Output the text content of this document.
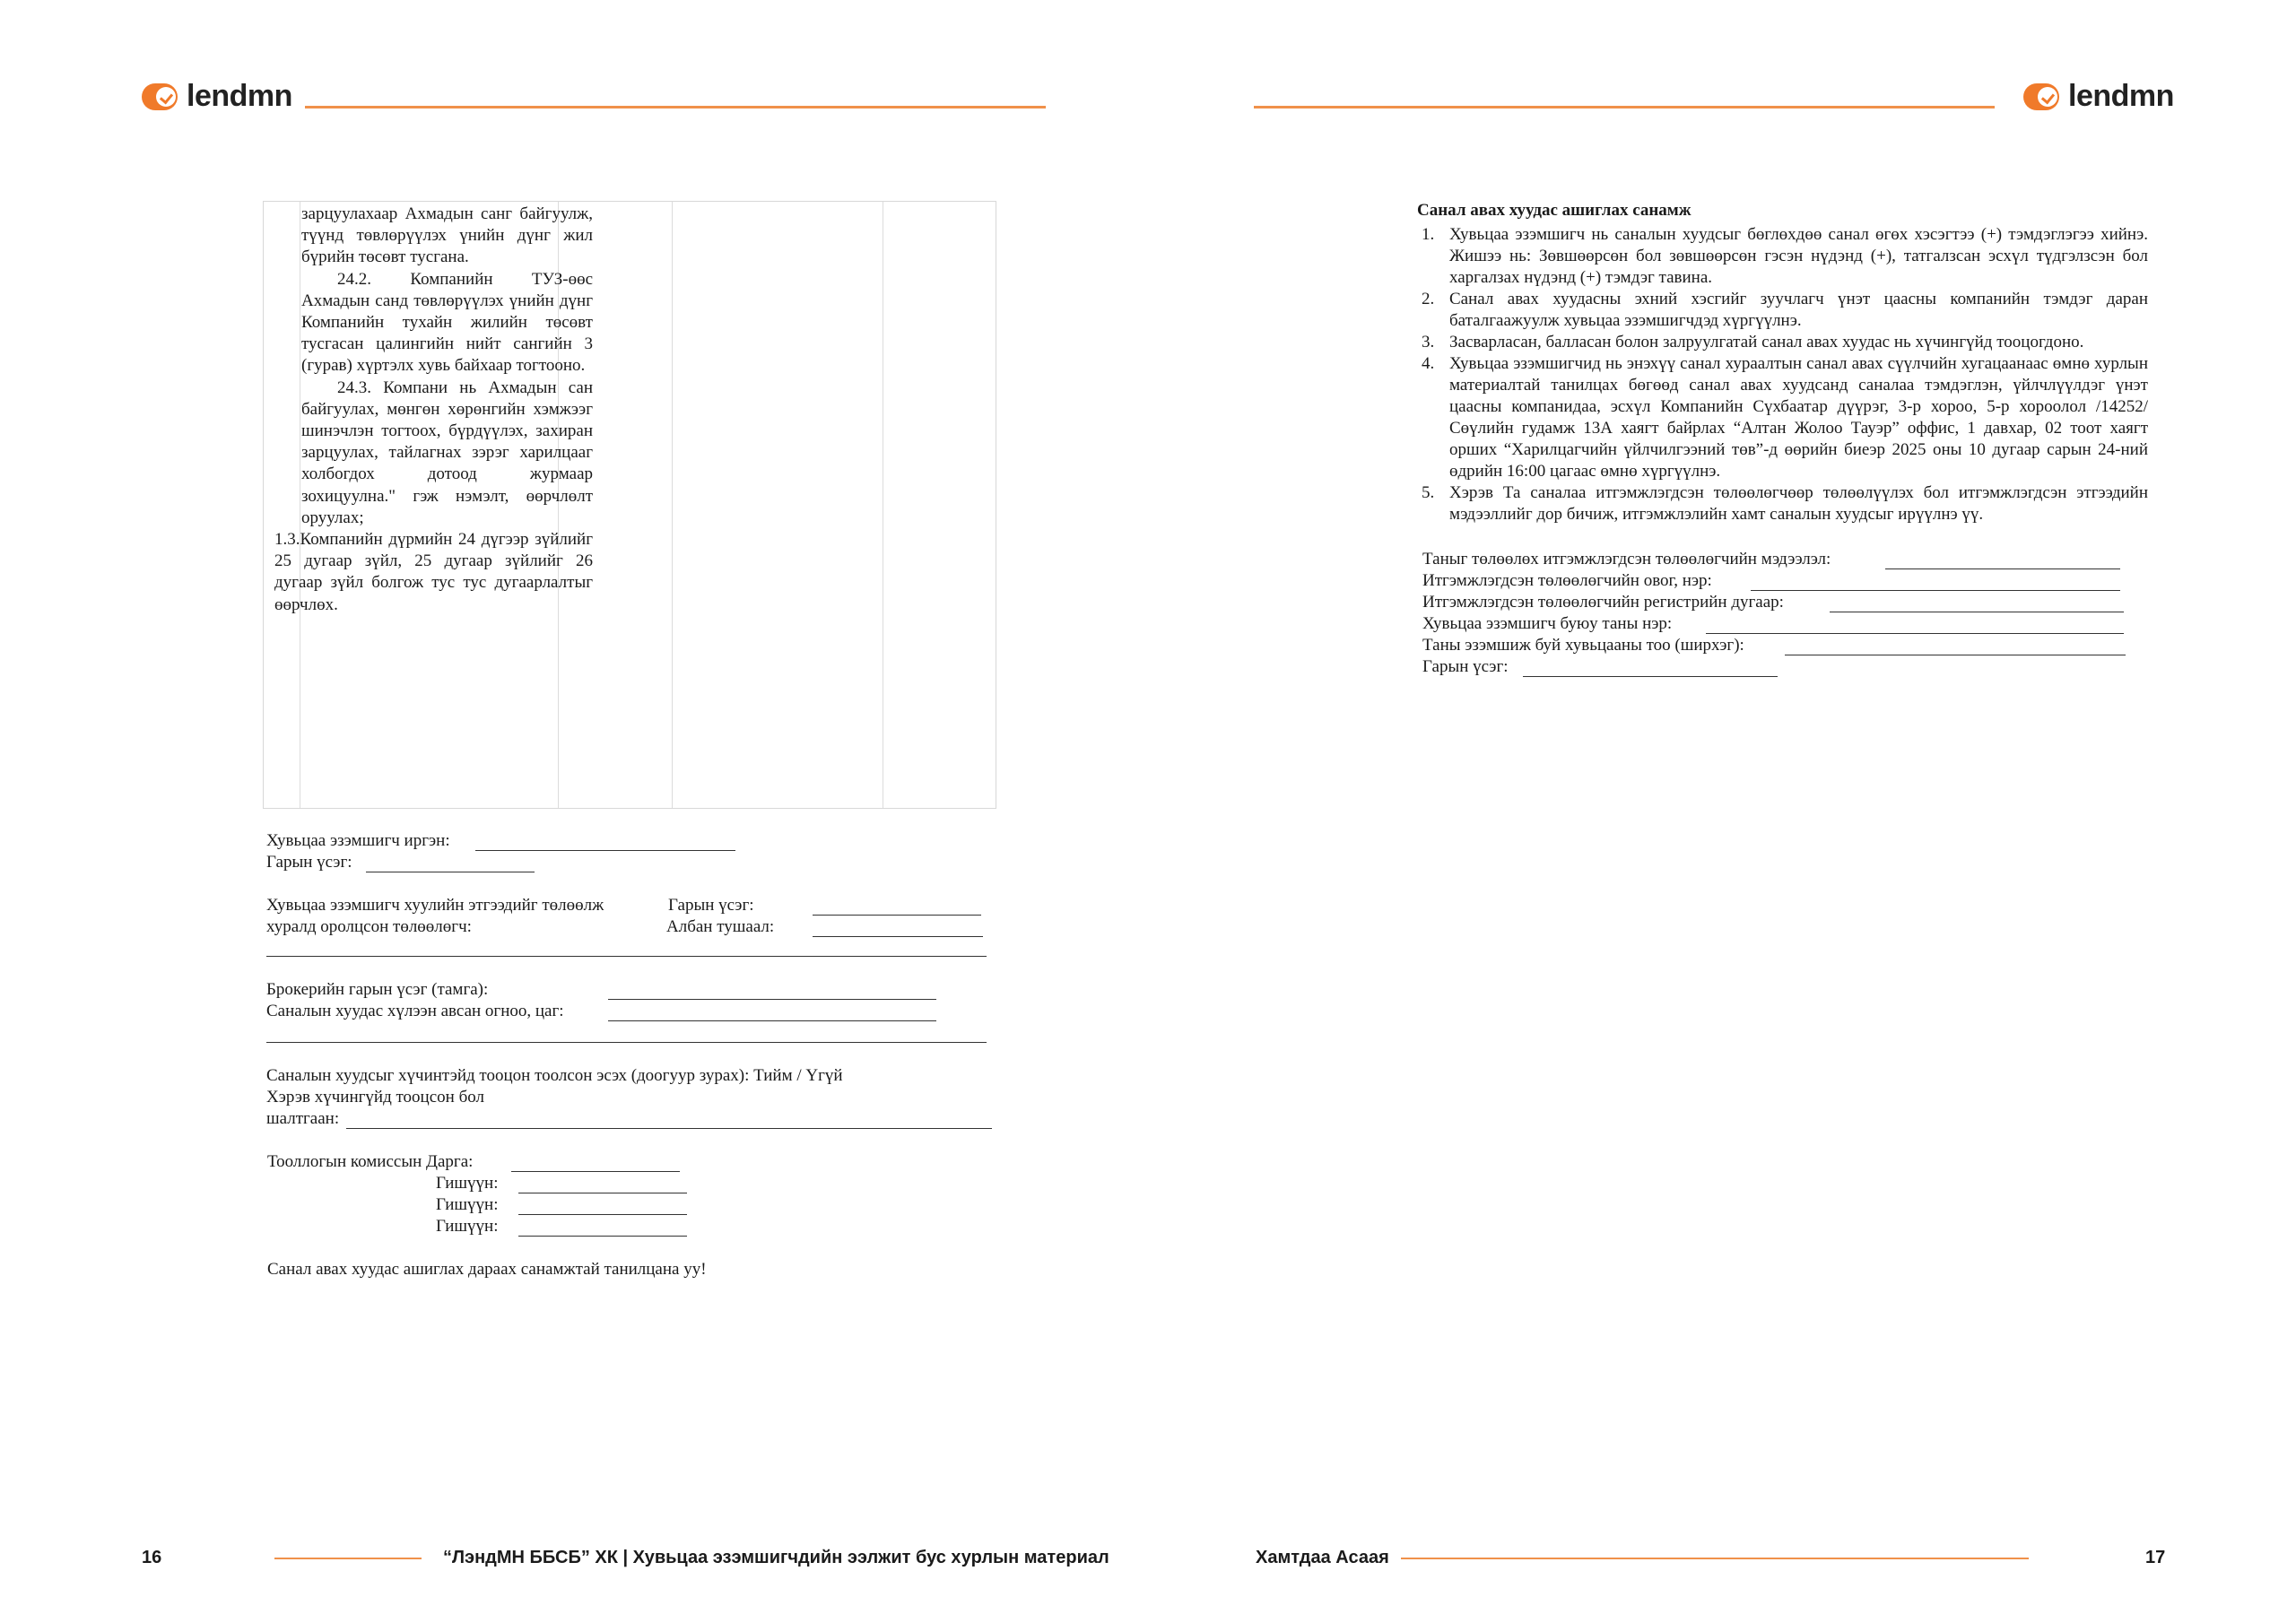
lendmn	lendmn

зарцуулахаар Ахмадын санг байгуулж, түүнд төвлөрүүлэх үнийн дүнг жил бүрийн төсөвт тусгана.

24.2. Компанийн ТУЗ-өөс Ахмадын санд төвлөрүүлэх үнийн дүнг Компанийн тухайн жилийн төсөвт тусгасан цалингийн нийт сангийн 3 (гурав) хүртэлх хувь байхаар тогтооно.

24.3. Компани нь Ахмадын сан байгуулах, мөнгөн хөрөнгийн хэмжээг шинэчлэн тогтоох, бүрдүүлэх, захиран зарцуулах, тайлагнах зэрэг харилцааг холбогдох дотоод журмаар зохицуулна." гэж нэмэлт, өөрчлөлт оруулах;

1.3.Компанийн дүрмийн 24 дүгээр зүйлийг 25 дугаар зүйл, 25 дугаар зүйлийг 26 дугаар зүйл болгож тус тус дугаарлалтыг өөрчлөх.

Хувьцаа эзэмшигч иргэн:
Гарын үсэг:
Хувьцаа эзэмшигч хуулийн этгээдийг төлөөлж
хуралд оролцсон төлөөлөгч:
Гарын үсэг:
Албан тушаал:
Брокерийн гарын үсэг (тамга):
Саналын хуудас хүлээн авсан огноо, цаг:
Саналын хуудсыг хүчинтэйд тооцон тоолсон эсэх (доогуур зурах): Тийм / Үгүй
Хэрэв хүчингүйд тооцсон бол
шалтгаан:
Тооллогын комиссын Дарга:
Гишүүн:
Гишүүн:
Гишүүн:
Санал авах хуудас ашиглах дараах санамжтай танилцана уу!
Санал авах хуудас ашиглах санамж
1. Хувьцаа эзэмшигч нь саналын хуудсыг бөглөхдөө санал өгөх хэсэгтээ (+) тэмдэглэгээ хийнэ. Жишээ нь: Зөвшөөрсөн бол зөвшөөрсөн гэсэн нүдэнд (+), татгалзсан эсхүл түдгэлзсэн бол харгалзах нүдэнд (+) тэмдэг тавина.
2. Санал авах хуудасны эхний хэсгийг зуучлагч үнэт цаасны компанийн тэмдэг даран баталгаажуулж хувьцаа эзэмшигчдэд хүргүүлнэ.
3. Засварласан, балласан болон залруулгатай санал авах хуудас нь хүчингүйд тооцогдоно.
4. Хувьцаа эзэмшигчид нь энэхүү санал хураалтын санал авах сүүлчийн хугацаанаас өмнө хурлын материалтай танилцах бөгөөд санал авах хуудсанд саналаа тэмдэглэн, үйлчлүүлдэг үнэт цаасны компанидаа, эсхүл Компанийн Сүхбаатар дүүрэг, 3-р хороо, 5-р хороолол /14252/ Сөүлийн гудамж 13А хаягт байрлах “Алтан Жолоо Тауэр” оффис, 1 давхар, 02 тоот хаягт орших “Харилцагчийн үйлчилгээний төв”-д өөрийн биеэр 2025 оны 10 дугаар сарын 24-ний өдрийн 16:00 цагаас өмнө хүргүүлнэ.
5. Хэрэв Та саналаа итгэмжлэгдсэн төлөөлөгчөөр төлөөлүүлэх бол итгэмжлэгдсэн этгээдийн мэдээллийг дор бичиж, итгэмжлэлийн хамт саналын хуудсыг ирүүлнэ үү.
Таныг төлөөлөх итгэмжлэгдсэн төлөөлөгчийн мэдээлэл:
Итгэмжлэгдсэн төлөөлөгчийн овог, нэр:
Итгэмжлэгдсэн төлөөлөгчийн регистрийн дугаар:
Хувьцаа эзэмшигч буюу таны нэр:
Таны эзэмшиж буй хувьцааны тоо (ширхэг):
Гарын үсэг:
16	“ЛэндМН ББСБ” ХК | Хувьцаа эзэмшигчдийн ээлжит бус хурлын материал	Хамтдаа Асаая	17
